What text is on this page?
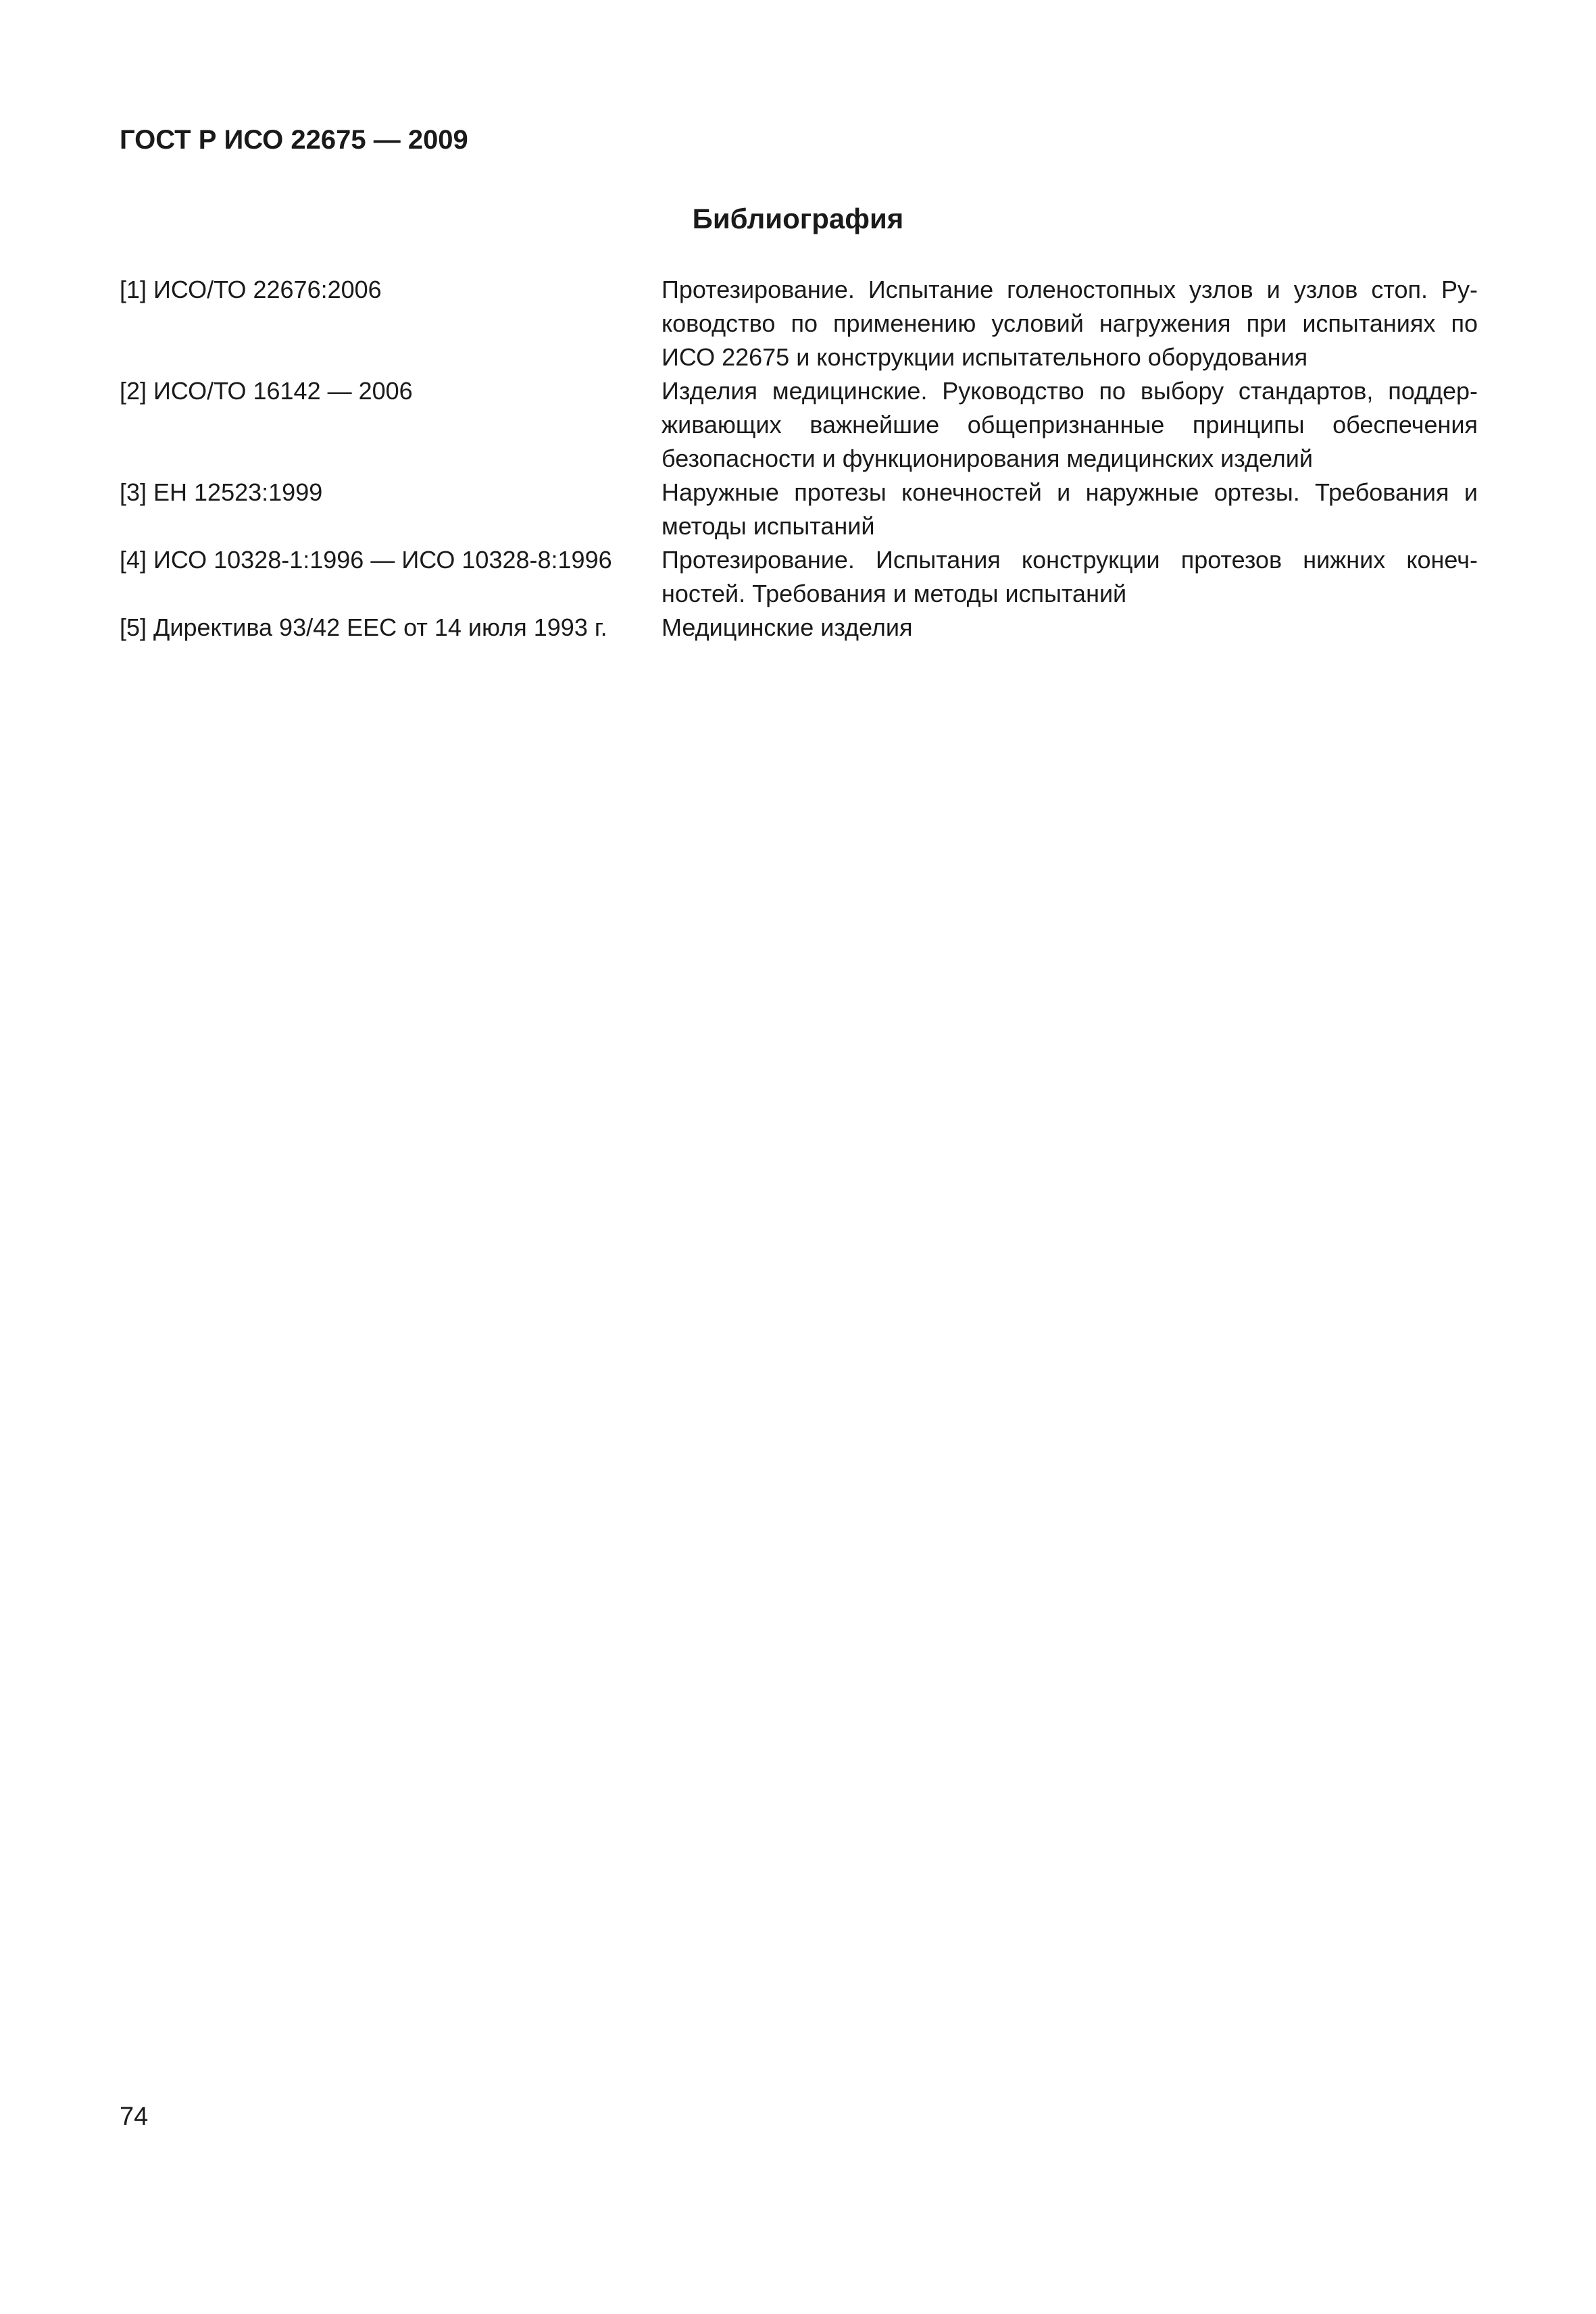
ГОСТ Р ИСО 22675 — 2009
Библиография
[1] ИСО/ТО 22676:2006	Протезирование. Испытание голеностопных узлов и узлов стоп. Ру-
ководство по применению условий нагружения при испытаниях по
ИСО 22675 и конструкции испытательного оборудования
[2] ИСО/ТО 16142 — 2006	Изделия медицинские. Руководство по выбору стандартов, поддер-
живающих важнейшие общепризнанные принципы обеспечения
безопасности и функционирования медицинских изделий
[3] ЕН 12523:1999	Наружные протезы конечностей и наружные ортезы. Требования и
методы испытаний
[4] ИСО 10328-1:1996 — ИСО 10328-8:1996	Протезирование. Испытания конструкции протезов нижних конеч-
ностей. Требования и методы испытаний
[5] Директива 93/42 ЕЕС от 14 июля 1993 г.	Медицинские изделия
74
